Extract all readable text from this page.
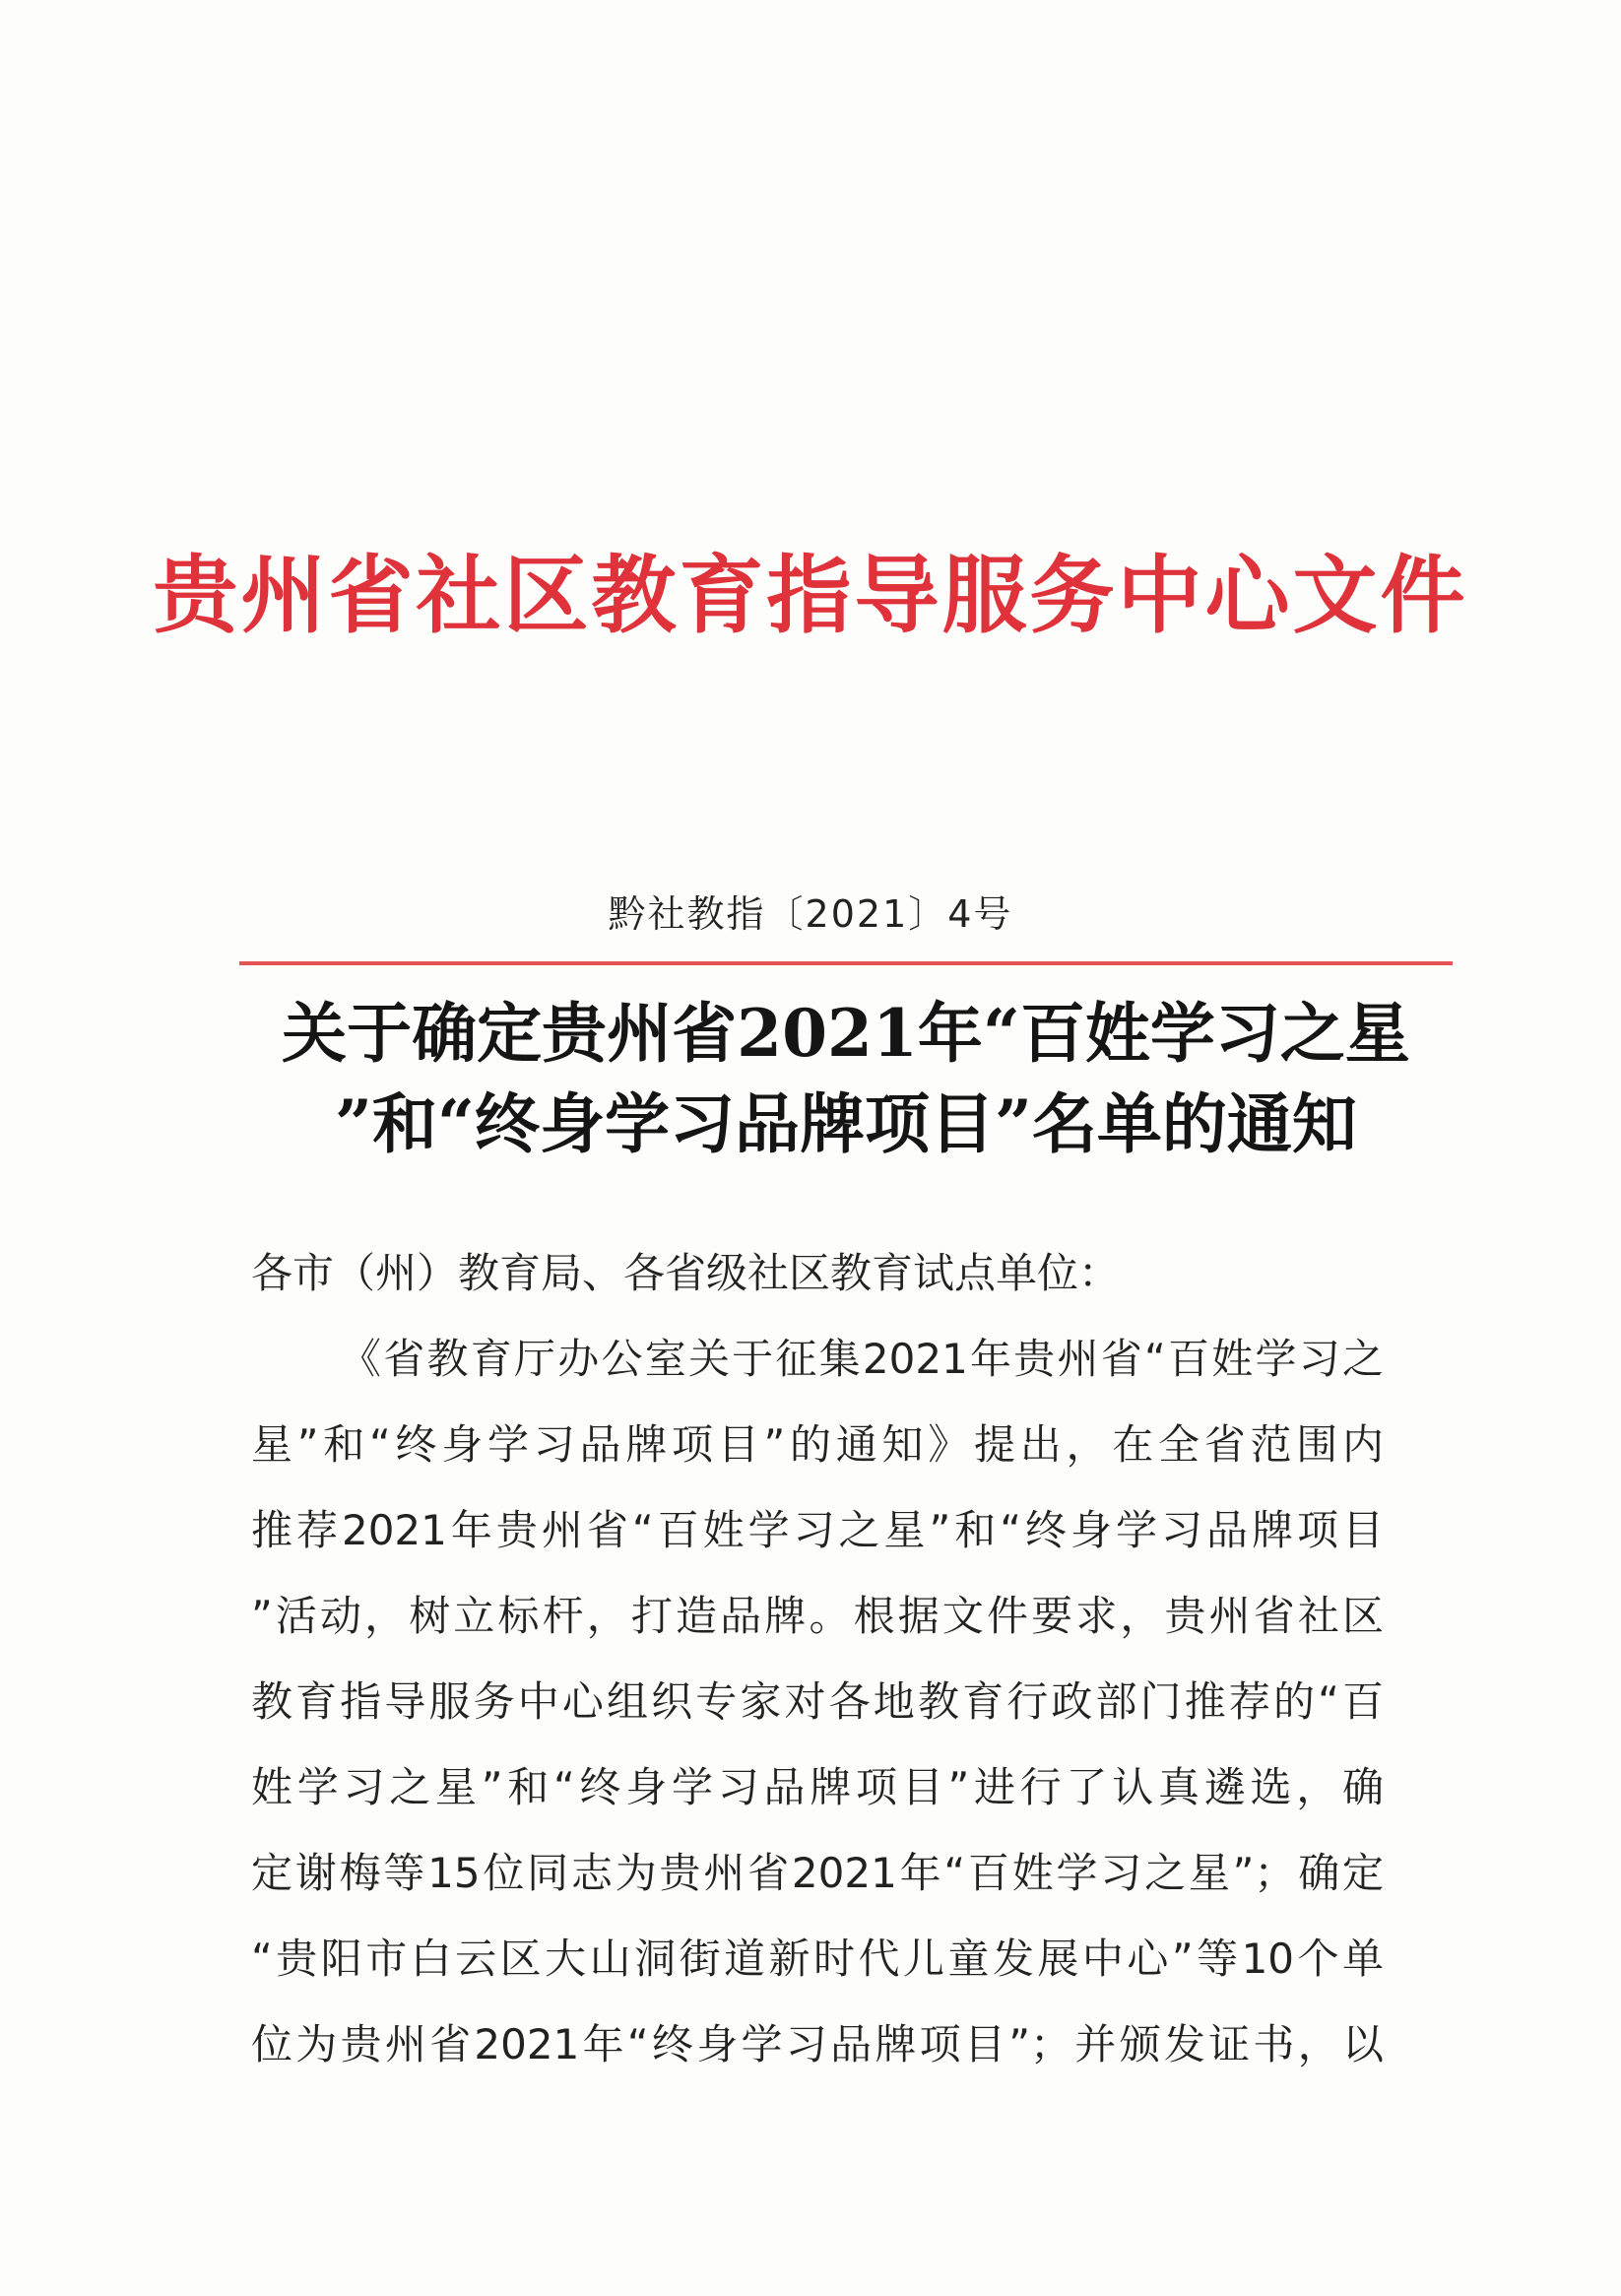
贵州省社区教育指导服务中心文件
黔社教指〔2021〕4号
关于确定贵州省2021年“百姓学习之星
”和“终身学习品牌项目”名单的通知
各市（州）教育局、各省级社区教育试点单位：
《省教育厅办公室关于征集2021年贵州省“百姓学习之
星”和“终身学习品牌项目”的通知》提出，在全省范围内
推荐2021年贵州省“百姓学习之星”和“终身学习品牌项目
”活动，树立标杆，打造品牌。根据文件要求，贵州省社区
教育指导服务中心组织专家对各地教育行政部门推荐的“百
姓学习之星”和“终身学习品牌项目”进行了认真遴选，确
定谢梅等15位同志为贵州省2021年“百姓学习之星”；确定
“贵阳市白云区大山洞街道新时代儿童发展中心”等10个单
位为贵州省2021年“终身学习品牌项目”；并颁发证书，以
